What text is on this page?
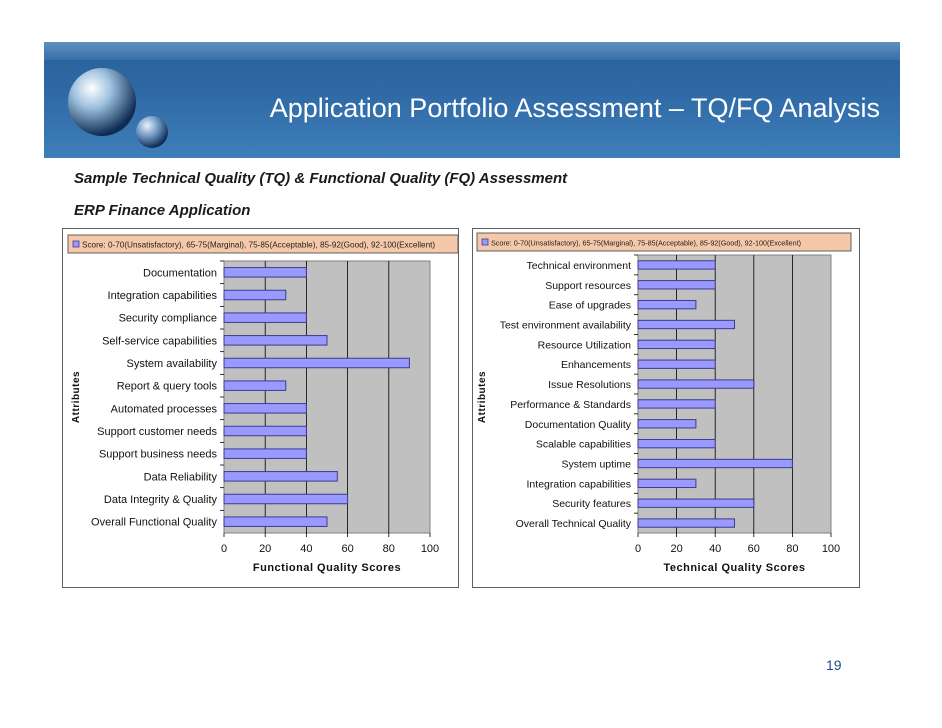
Application Portfolio Assessment – TQ/FQ Analysis
Sample Technical Quality (TQ) & Functional Quality (FQ) Assessment
ERP Finance Application
Score: 0-70(Unsatisfactory), 65-75(Marginal), 75-85(Acceptable), 85-92(Good), 92-100(Excellent)
0	20	40	60	80 100
Documentation
Integration capabilities
Security compliance
Self-service capabilities
System availability
Report & query tools
Automated processes
Support customer needs
Support business needs
Data Reliability
Data Integrity & Quality
Overall Functional Quality
Functional Quality Scores
Attributes
Score: 0-70(Unsatisfactory), 65-75(Marginal), 75-85(Acceptable), 85-92(Good), 92-100(Excellent)
0	20 40 60 80 100
Technical environment
Support resources
Ease of upgrades
Test environment availability
Resource Utilization
Enhancements
Issue Resolutions
Performance & Standards
Documentation Quality
Scalable capabilities
System uptime
Integration capabilities
Security features
Overall Technical Quality
Technical Quality Scores
Attributes
19
